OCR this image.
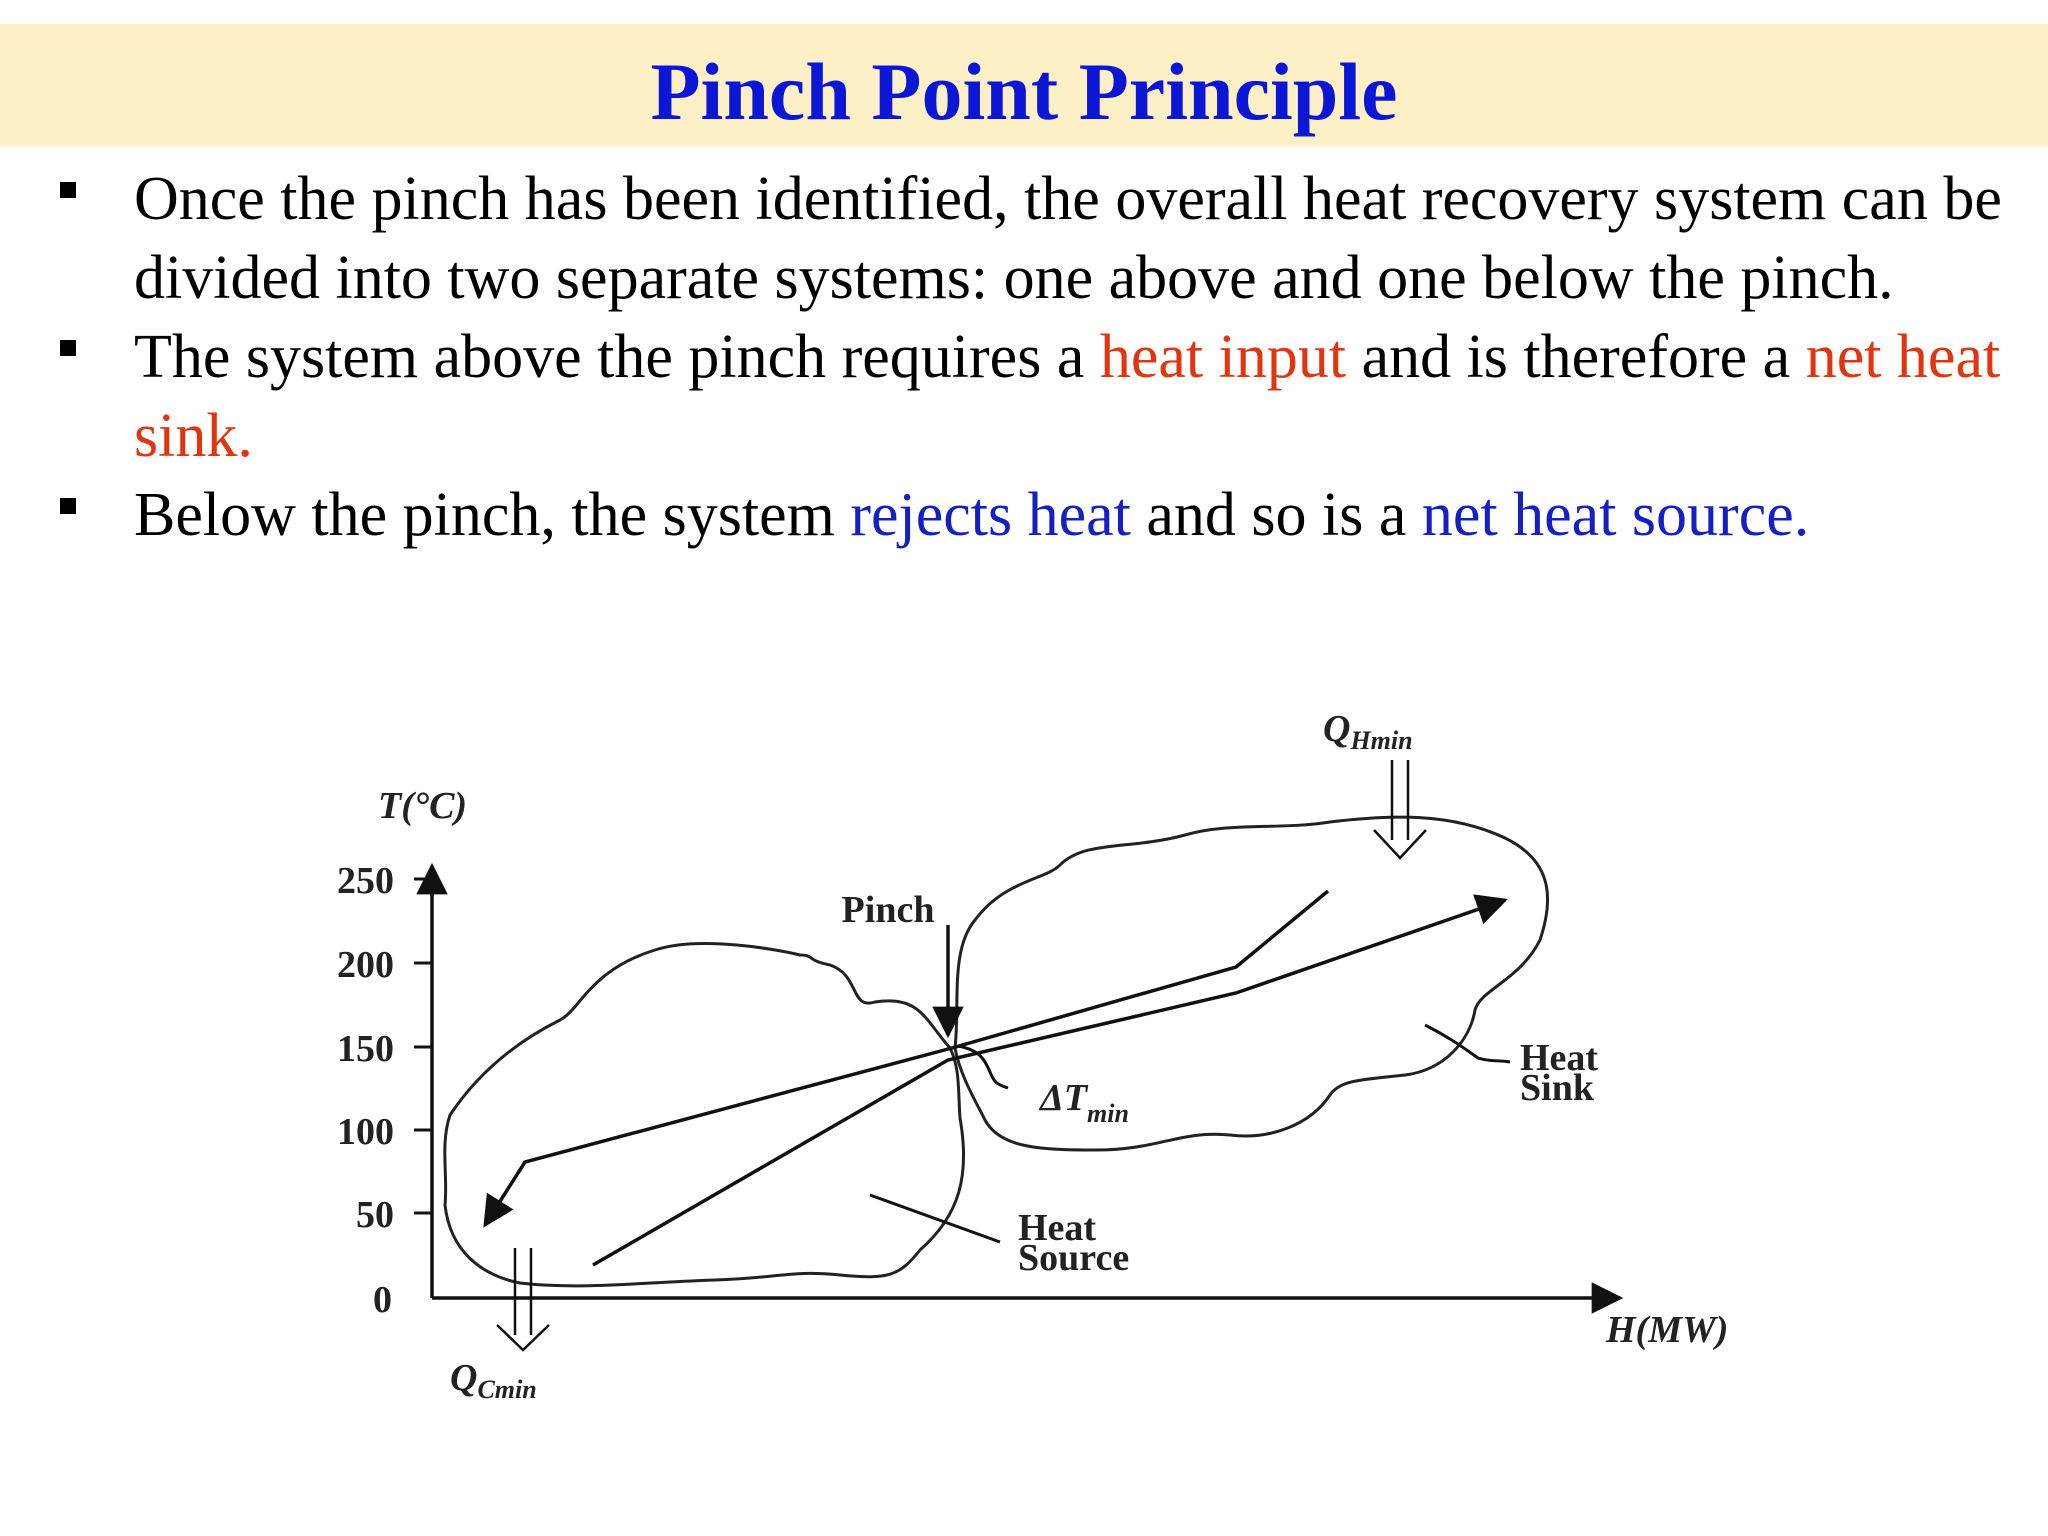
Pinch Point Principle
Once the pinch has been identified, the overall heat recovery system can be divided into two separate systems: one above and one below the pinch.
The system above the pinch requires a heat input and is therefore a net heat sink.
Below the pinch, the system rejects heat and so is a net heat source.
250
200
150
100
50
0
T(°C)
H(MW)
Pinch
$\Delta T_{min}$
$Q_{Hmin}$
$Q_{Cmin}$
Heat
Sink
Heat
Source
